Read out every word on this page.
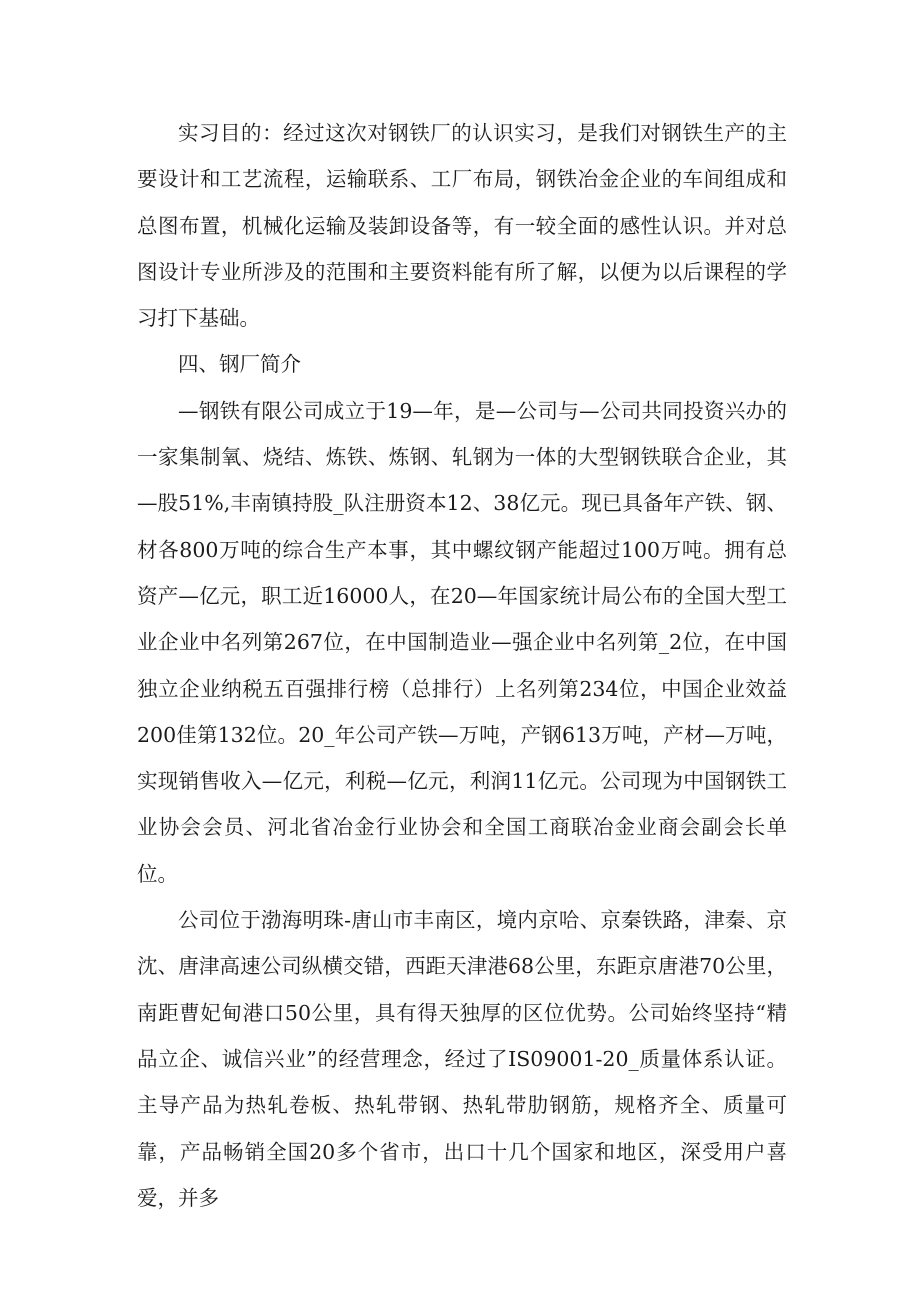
实习目的：经过这次对钢铁厂的认识实习，是我们对钢铁生产的主要设计和工艺流程，运输联系、工厂布局，钢铁冶金企业的车间组成和总图布置，机械化运输及装卸设备等，有一较全面的感性认识。并对总图设计专业所涉及的范围和主要资料能有所了解，以便为以后课程的学习打下基础。

四、钢厂简介

—钢铁有限公司成立于19—年，是—公司与—公司共同投资兴办的一家集制氧、烧结、炼铁、炼钢、轧钢为一体的大型钢铁联合企业，其—股51%,丰南镇持股_队注册资本12、38亿元。现已具备年产铁、钢、材各800万吨的综合生产本事，其中螺纹钢产能超过100万吨。拥有总资产—亿元，职工近16000人，在20—年国家统计局公布的全国大型工业企业中名列第267位，在中国制造业—强企业中名列第_2位，在中国独立企业纳税五百强排行榜（总排行）上名列第234位，中国企业效益200佳第132位。20_年公司产铁—万吨，产钢613万吨，产材—万吨，实现销售收入—亿元，利税—亿元，利润11亿元。公司现为中国钢铁工业协会会员、河北省冶金行业协会和全国工商联冶金业商会副会长单位。

公司位于渤海明珠-唐山市丰南区，境内京哈、京秦铁路，津秦、京沈、唐津高速公司纵横交错，西距天津港68公里，东距京唐港70公里，南距曹妃甸港口50公里，具有得天独厚的区位优势。公司始终坚持“精品立企、诚信兴业”的经营理念，经过了IS09001-20_质量体系认证。主导产品为热轧卷板、热轧带钢、热轧带肋钢筋，规格齐全、质量可靠，产品畅销全国20多个省市，出口十几个国家和地区，深受用户喜爱，并多
